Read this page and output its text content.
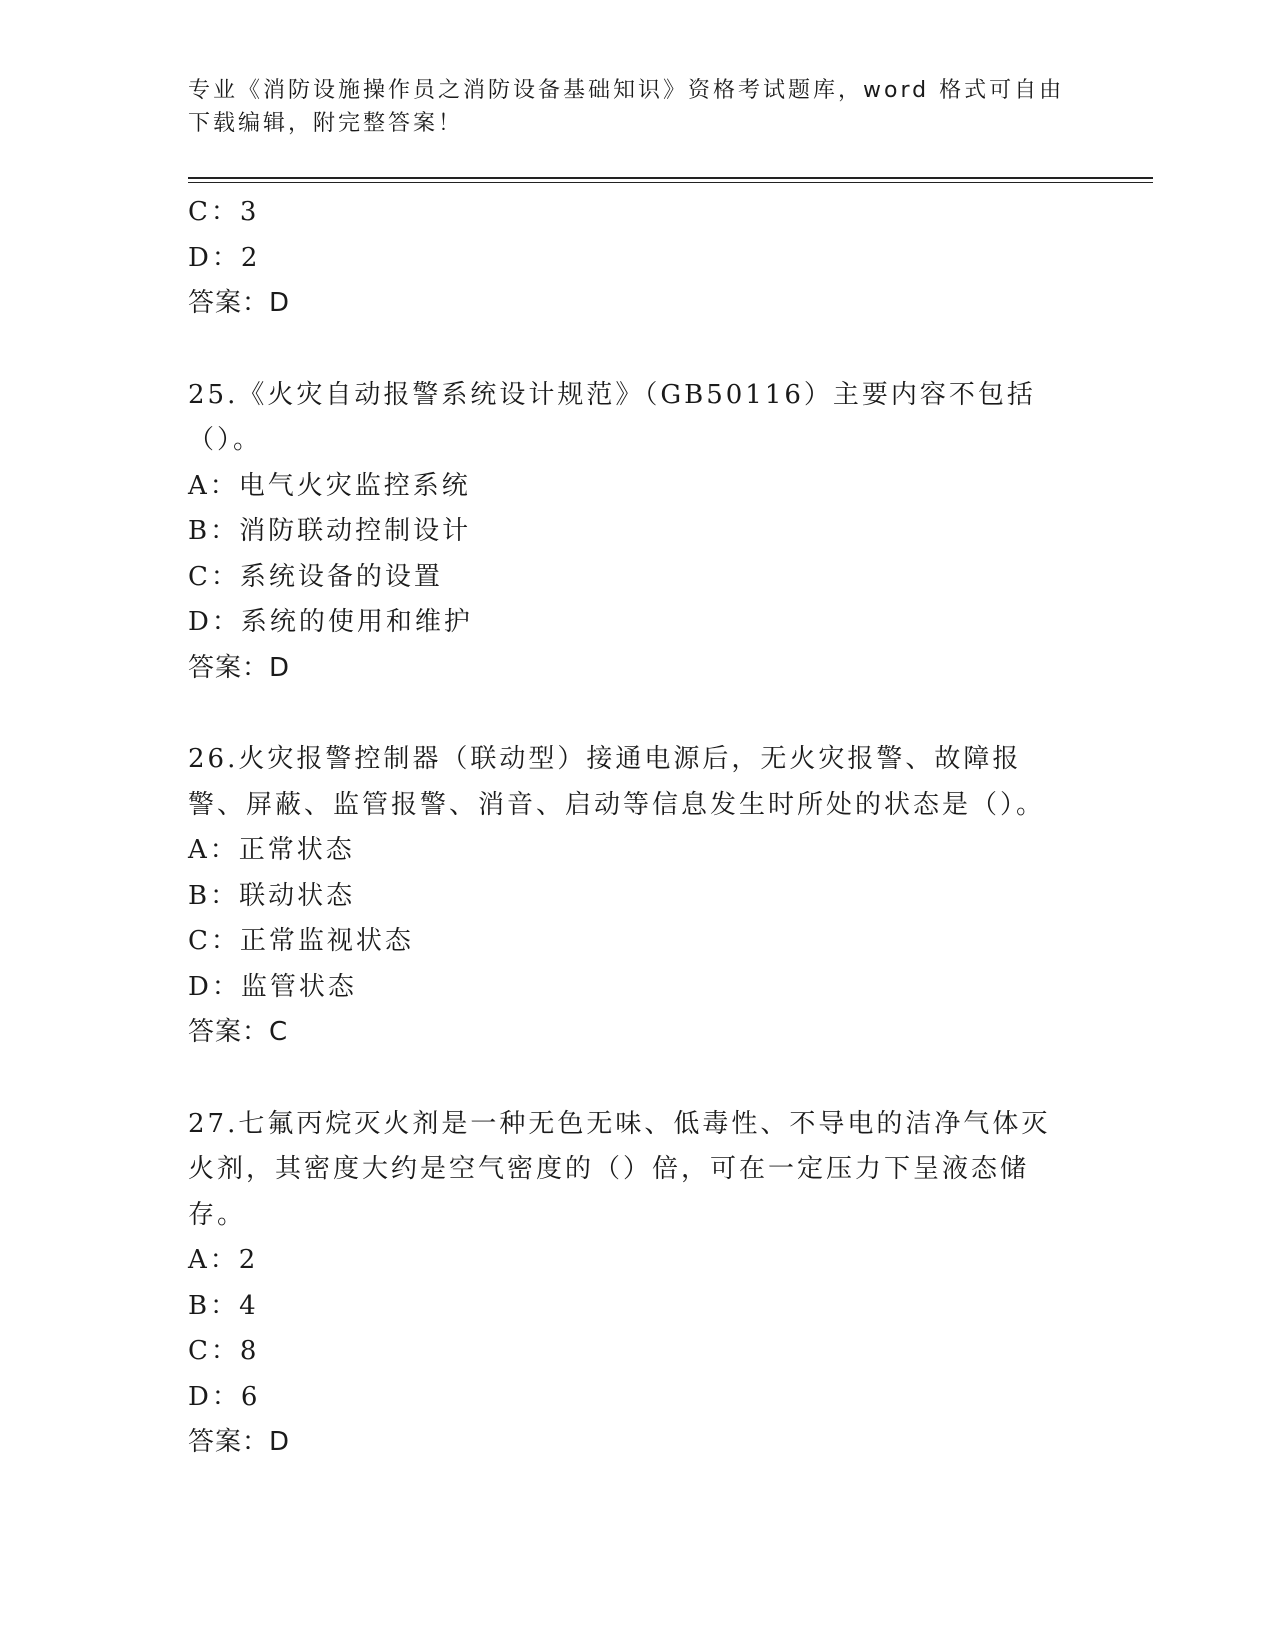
专业《消防设施操作员之消防设备基础知识》资格考试题库，word 格式可自由下载编辑，附完整答案！
C：3
D：2
答案：D
25.《火灾自动报警系统设计规范》（GB50116）主要内容不包括（）。
A：电气火灾监控系统
B：消防联动控制设计
C：系统设备的设置
D：系统的使用和维护
答案：D
26.火灾报警控制器（联动型）接通电源后，无火灾报警、故障报警、屏蔽、监管报警、消音、启动等信息发生时所处的状态是（）。
A：正常状态
B：联动状态
C：正常监视状态
D：监管状态
答案：C
27.七氟丙烷灭火剂是一种无色无味、低毒性、不导电的洁净气体灭火剂，其密度大约是空气密度的（）倍，可在一定压力下呈液态储存。
A：2
B：4
C：8
D：6
答案：D
